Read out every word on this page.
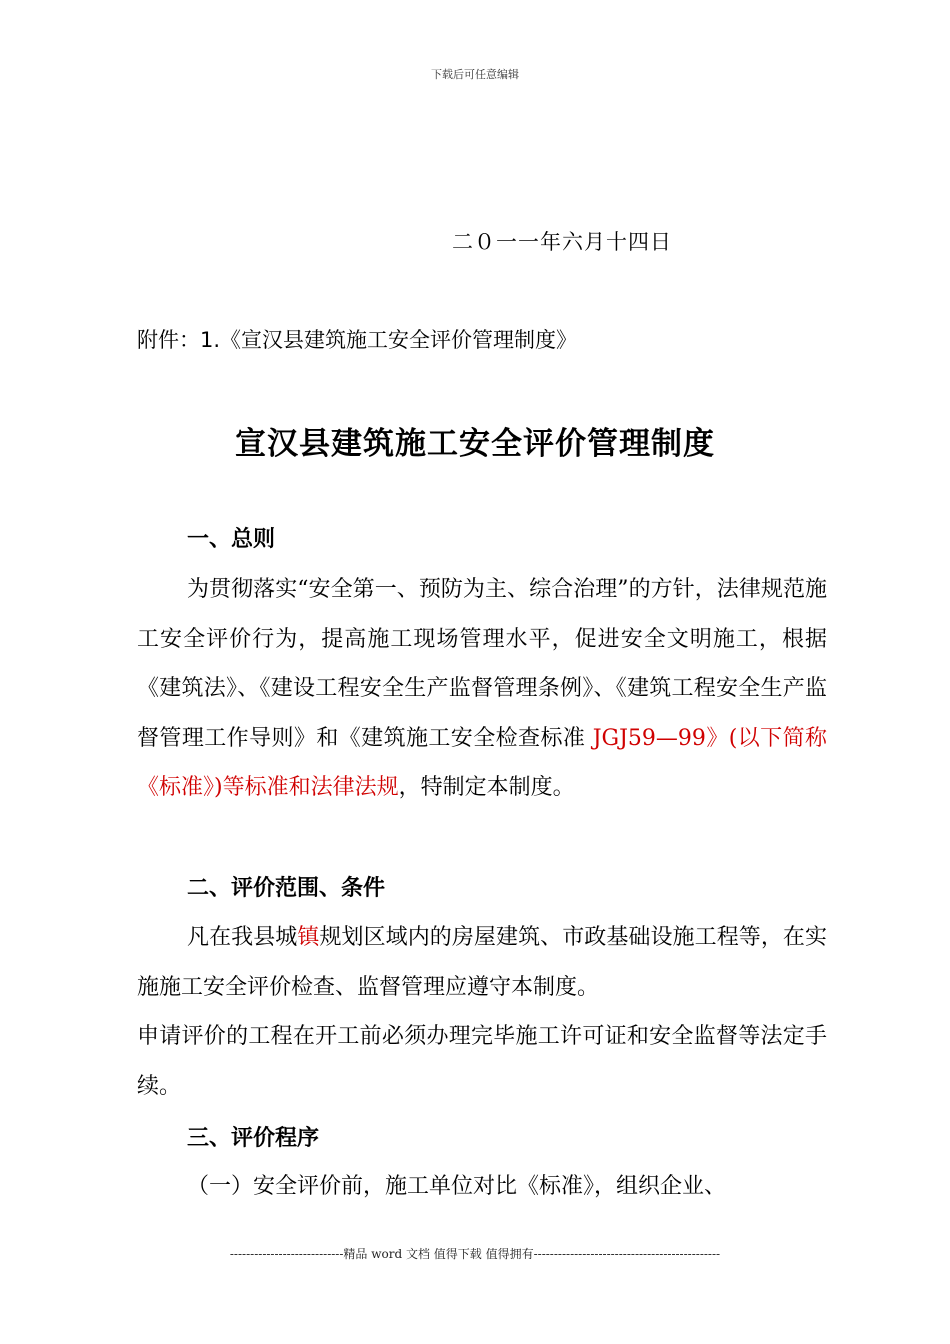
下载后可任意编辑
二０一一年六月十四日
附件：1.《宣汉县建筑施工安全评价管理制度》
宣汉县建筑施工安全评价管理制度
一、总则
为贯彻落实“安全第一、预防为主、综合治理”的方针，法律规范施工安全评价行为，提高施工现场管理水平，促进安全文明施工，根据《建筑法》、《建设工程安全生产监督管理条例》、《建筑工程安全生产监督管理工作导则》和《建筑施工安全检查标准 JGJ59—99》(以下简称《标准》)等标准和法律法规，特制定本制度。
二、评价范围、条件
凡在我县城镇规划区域内的房屋建筑、市政基础设施工程等，在实施施工安全评价检查、监督管理应遵守本制度。
申请评价的工程在开工前必须办理完毕施工许可证和安全监督等法定手续。
三、评价程序
（一）安全评价前，施工单位对比《标准》，组织企业、
----------------------------精品 word 文档 值得下载 值得拥有----------------------------------------------
